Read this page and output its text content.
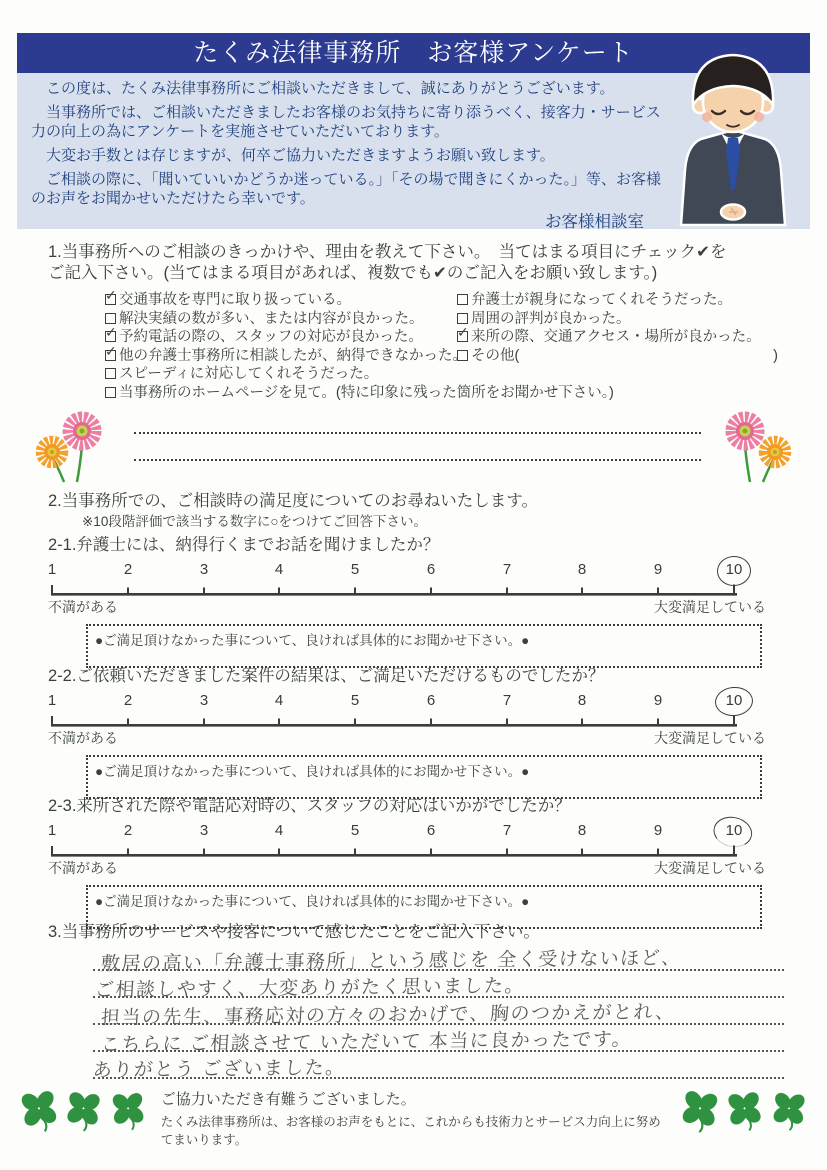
たくみ法律事務所　お客様アンケート

この度は、たくみ法律事務所にご相談いただきまして、誠にありがとうございます。

当事務所では、ご相談いただきましたお客様のお気持ちに寄り添うべく、接客力・サービス力の向上の為にアンケートを実施させていただいております。

大変お手数とは存じますが、何卒ご協力いただきますようお願い致します。

ご相談の際に、「聞いていいかどうか迷っている。」「その場で聞きにくかった。」等、お客様のお声をお聞かせいただけたら幸いです。

お客様相談室
1.当事務所へのご相談のきっかけや、理由を教えて下さい。　当てはまる項目にチェック✔を
ご記入下さい。(当てはまる項目があれば、複数でも✔のご記入をお願い致します。)
✓ 交通事故を専門に取り扱っている。	弁護士が親身になってくれそうだった。
解決実績の数が多い、または内容が良かった。	周囲の評判が良かった。
✓ 予約電話の際の、スタッフの対応が良かった。 ✓ 来所の際、交通アクセス・場所が良かった。
✓ 他の弁護士事務所に相談したが、納得できなかった。 その他(	)
スピーディに対応してくれそうだった。
当事務所のホームページを見て。(特に印象に残った箇所をお聞かせ下さい。)
2.当事務所での、ご相談時の満足度についてのお尋ねいたします。
※10段階評価で該当する数字に○をつけてご回答下さい。
2-1.弁護士には、納得行くまでお話を聞けましたか？
1	2	3	4	5	6	7	8	9	10
不満がある	大変満足している
●ご満足頂けなかった事について、良ければ具体的にお聞かせ下さい。●
2-2.ご依頼いただきました案件の結果は、ご満足いただけるものでしたか？
1	2	3	4	5	6	7	8	9	10
不満がある	大変満足している
●ご満足頂けなかった事について、良ければ具体的にお聞かせ下さい。●
2-3.来所された際や電話応対時の、スタッフの対応はいかがでしたか？
1	2	3	4	5	6	7	8	9	10
不満がある	大変満足している
●ご満足頂けなかった事について、良ければ具体的にお聞かせ下さい。●
3.当事務所のサービスや接客について感じたことをご記入下さい。
敷居の高い「弁護士事務所」という感じを 全く受けないほど、
ご相談しやすく、大変ありがたく思いました。
担当の先生、事務応対の方々のおかげで、胸のつかえがとれ、
こちらに ご相談させて いただいて 本当に良かったです。
ありがとう ございました。
ご協力いただき有難うございました。
たくみ法律事務所は、お客様のお声をもとに、これからも技術力とサービス力向上に努めてまいります。
